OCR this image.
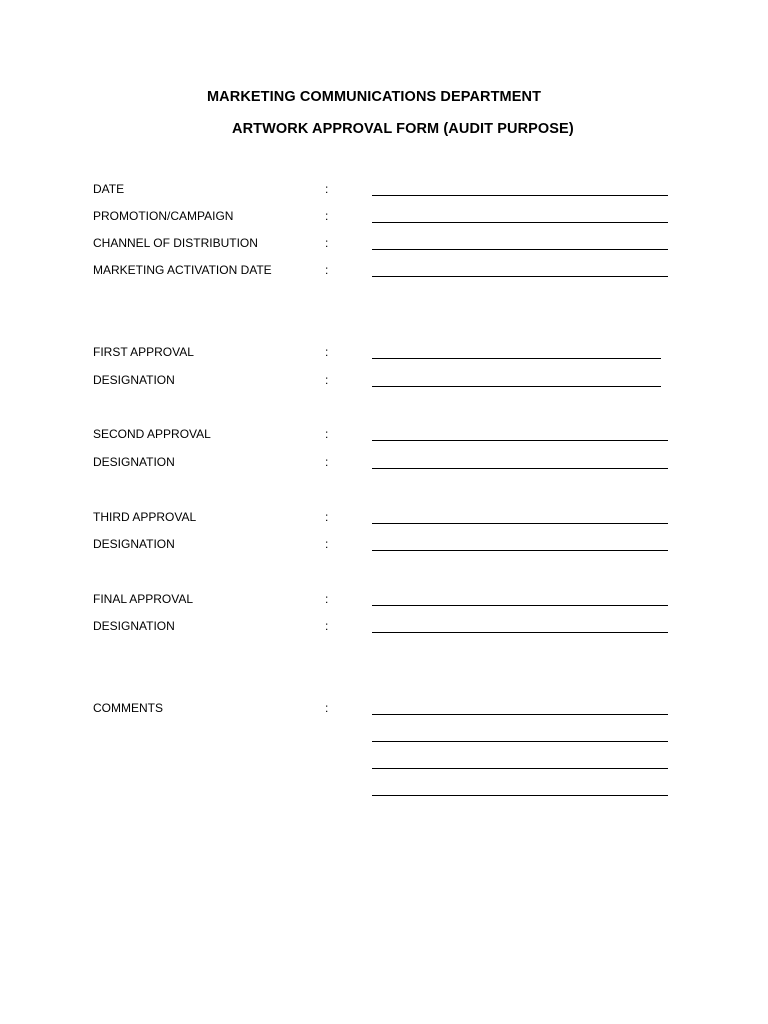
MARKETING COMMUNICATIONS DEPARTMENT
ARTWORK APPROVAL FORM (AUDIT PURPOSE)
DATE	:
PROMOTION/CAMPAIGN	:
CHANNEL OF DISTRIBUTION	:
MARKETING ACTIVATION DATE	:
FIRST APPROVAL	:
DESIGNATION	:
SECOND APPROVAL	:
DESIGNATION	:
THIRD APPROVAL	:
DESIGNATION	:
FINAL APPROVAL	:
DESIGNATION	:
COMMENTS	:
